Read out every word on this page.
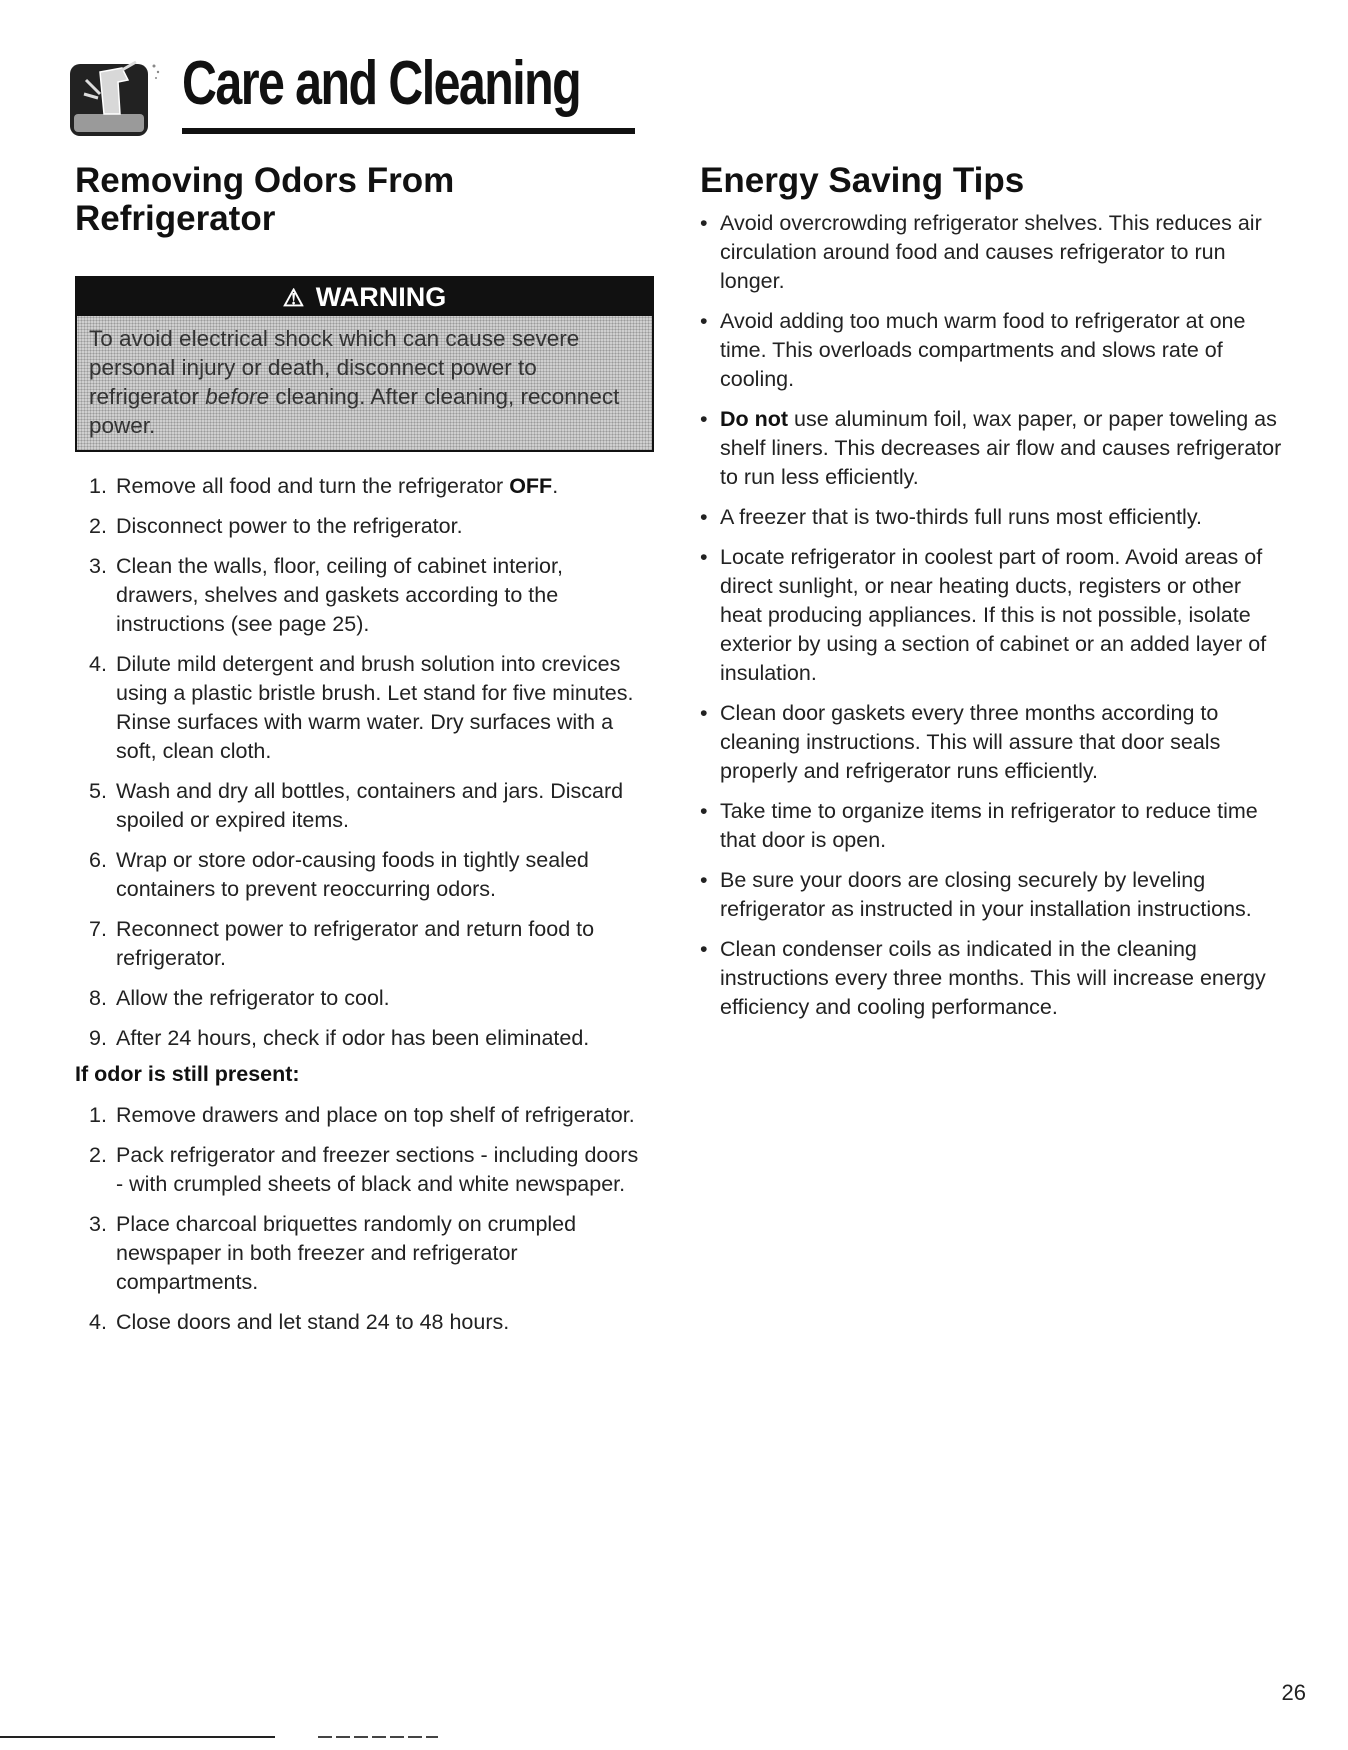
Care and Cleaning
Removing Odors From Refrigerator
⚠ WARNING
To avoid electrical shock which can cause severe personal injury or death, disconnect power to refrigerator before cleaning. After cleaning, reconnect power.
1. Remove all food and turn the refrigerator OFF.
2. Disconnect power to the refrigerator.
3. Clean the walls, floor, ceiling of cabinet interior, drawers, shelves and gaskets according to the instructions (see page 25).
4. Dilute mild detergent and brush solution into crevices using a plastic bristle brush. Let stand for five minutes. Rinse surfaces with warm water. Dry surfaces with a soft, clean cloth.
5. Wash and dry all bottles, containers and jars. Discard spoiled or expired items.
6. Wrap or store odor-causing foods in tightly sealed containers to prevent reoccurring odors.
7. Reconnect power to refrigerator and return food to refrigerator.
8. Allow the refrigerator to cool.
9. After 24 hours, check if odor has been eliminated.
If odor is still present:
1. Remove drawers and place on top shelf of refrigerator.
2. Pack refrigerator and freezer sections - including doors - with crumpled sheets of black and white newspaper.
3. Place charcoal briquettes randomly on crumpled newspaper in both freezer and refrigerator compartments.
4. Close doors and let stand 24 to 48 hours.
Energy Saving Tips
• Avoid overcrowding refrigerator shelves. This reduces air circulation around food and causes refrigerator to run longer.
• Avoid adding too much warm food to refrigerator at one time. This overloads compartments and slows rate of cooling.
• Do not use aluminum foil, wax paper, or paper toweling as shelf liners. This decreases air flow and causes refrigerator to run less efficiently.
• A freezer that is two-thirds full runs most efficiently.
• Locate refrigerator in coolest part of room. Avoid areas of direct sunlight, or near heating ducts, registers or other heat producing appliances. If this is not possible, isolate exterior by using a section of cabinet or an added layer of insulation.
• Clean door gaskets every three months according to cleaning instructions. This will assure that door seals properly and refrigerator runs efficiently.
• Take time to organize items in refrigerator to reduce time that door is open.
• Be sure your doors are closing securely by leveling refrigerator as instructed in your installation instructions.
• Clean condenser coils as indicated in the cleaning instructions every three months. This will increase energy efficiency and cooling performance.
26
